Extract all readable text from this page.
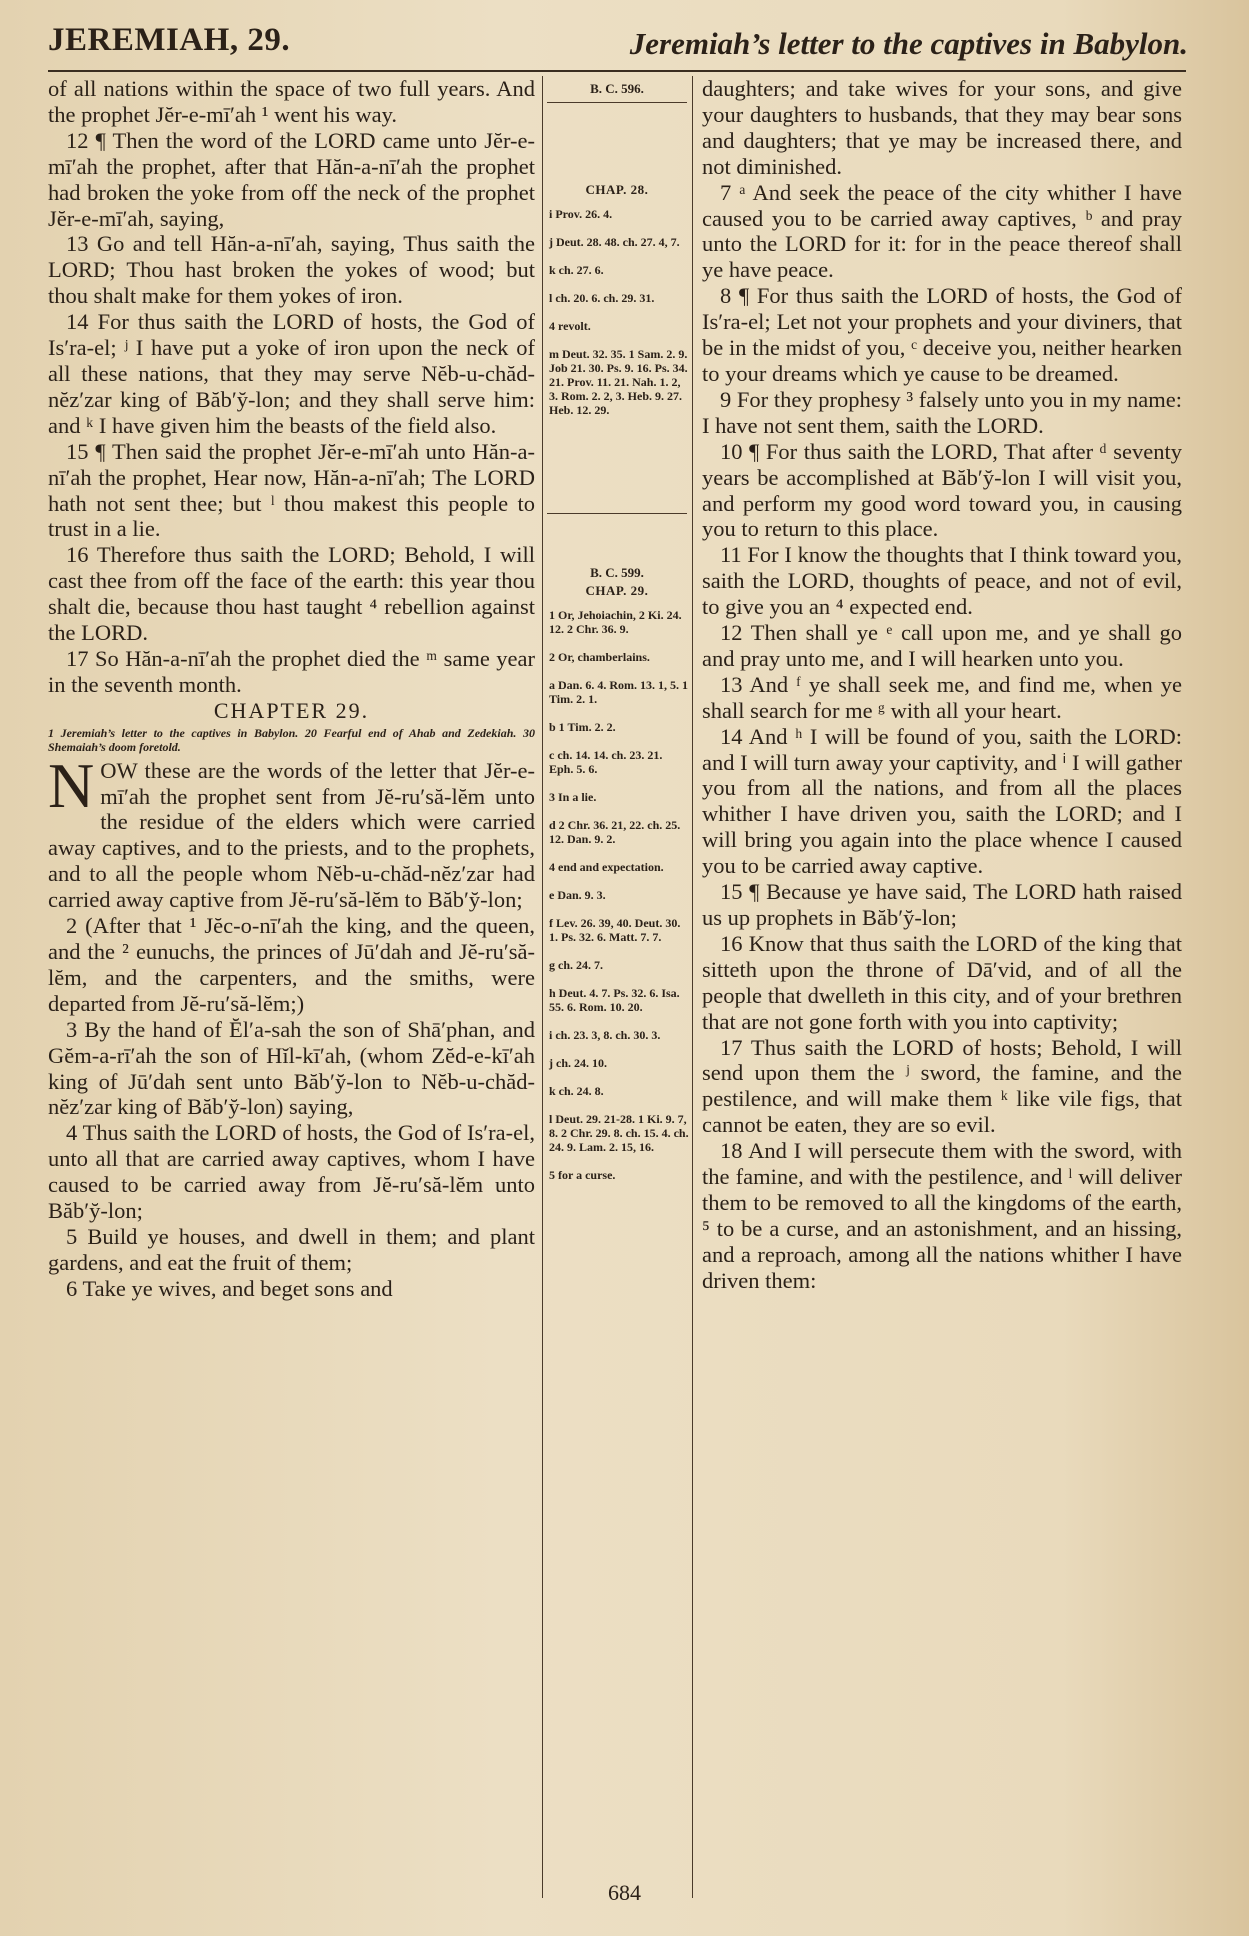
JEREMIAH, 29.	Jeremiah’s letter to the captives in Babylon.

of all nations within the space of two full years. And the prophet Jĕr-e-mī′ah ¹ went his way.

12 ¶ Then the word of the LORD came unto Jĕr-e-mī′ah the prophet, after that Hăn-a-nī′ah the prophet had broken the yoke from off the neck of the prophet Jĕr-e-mī′ah, saying,

13 Go and tell Hăn-a-nī′ah, saying, Thus saith the LORD; Thou hast broken the yokes of wood; but thou shalt make for them yokes of iron.

14 For thus saith the LORD of hosts, the God of Is′ra-el; ʲ I have put a yoke of iron upon the neck of all these nations, that they may serve Nĕb-u-chăd-nĕz′zar king of Băb′y̆-lon; and they shall serve him: and ᵏ I have given him the beasts of the field also.

15 ¶ Then said the prophet Jĕr-e-mī′ah unto Hăn-a-nī′ah the prophet, Hear now, Hăn-a-nī′ah; The LORD hath not sent thee; but ˡ thou makest this people to trust in a lie.

16 Therefore thus saith the LORD; Behold, I will cast thee from off the face of the earth: this year thou shalt die, because thou hast taught ⁴ rebellion against the LORD.

17 So Hăn-a-nī′ah the prophet died the ᵐ same year in the seventh month.

CHAPTER 29.

1 Jeremiah’s letter to the captives in Babylon. 20 Fearful end of Ahab and Zedekiah. 30 Shemaiah’s doom foretold.

NOW these are the words of the letter that Jĕr-e-mī′ah the prophet sent from Jĕ-ru′să-lĕm unto the residue of the elders which were carried away captives, and to the priests, and to the prophets, and to all the people whom Nĕb-u-chăd-nĕz′zar had carried away captive from Jĕ-ru′să-lĕm to Băb′y̆-lon;

2 (After that ¹ Jĕc-o-nī′ah the king, and the queen, and the ² eunuchs, the princes of Jū′dah and Jĕ-ru′să-lĕm, and the carpenters, and the smiths, were departed from Jĕ-ru′să-lĕm;)

3 By the hand of Ĕl′a-sah the son of Shā′phan, and Gĕm-a-rī′ah the son of Hĭl-kī′ah, (whom Zĕd-e-kī′ah king of Jū′dah sent unto Băb′y̆-lon to Nĕb-u-chăd-nĕz′zar king of Băb′y̆-lon) saying,

4 Thus saith the LORD of hosts, the God of Is′ra-el, unto all that are carried away captives, whom I have caused to be carried away from Jĕ-ru′să-lĕm unto Băb′y̆-lon;

5 Build ye houses, and dwell in them; and plant gardens, and eat the fruit of them;

6 Take ye wives, and beget sons and

B. C. 596.
CHAP. 28.
i Prov. 26. 4.
j Deut. 28. 48. ch. 27. 4, 7.
k ch. 27. 6.
l ch. 20. 6. ch. 29. 31.
4 revolt.
m Deut. 32. 35. 1 Sam. 2. 9. Job 21. 30. Ps. 9. 16. Ps. 34. 21. Prov. 11. 21. Nah. 1. 2, 3. Rom. 2. 2, 3. Heb. 9. 27. Heb. 12. 29.
B. C. 599.
CHAP. 29.
1 Or, Jehoiachin, 2 Ki. 24. 12. 2 Chr. 36. 9.
2 Or, chamberlains.
a Dan. 6. 4. Rom. 13. 1, 5. 1 Tim. 2. 1.
b 1 Tim. 2. 2.
c ch. 14. 14. ch. 23. 21. Eph. 5. 6.
3 In a lie.
d 2 Chr. 36. 21, 22. ch. 25. 12. Dan. 9. 2.
4 end and expectation.
e Dan. 9. 3.
f Lev. 26. 39, 40. Deut. 30. 1. Ps. 32. 6. Matt. 7. 7.
g ch. 24. 7.
h Deut. 4. 7. Ps. 32. 6. Isa. 55. 6. Rom. 10. 20.
i ch. 23. 3, 8. ch. 30. 3.
j ch. 24. 10.
k ch. 24. 8.
l Deut. 29. 21-28. 1 Ki. 9. 7, 8. 2 Chr. 29. 8. ch. 15. 4. ch. 24. 9. Lam. 2. 15, 16.
5 for a curse.

daughters; and take wives for your sons, and give your daughters to husbands, that they may bear sons and daughters; that ye may be increased there, and not diminished.

7 ᵃ And seek the peace of the city whither I have caused you to be carried away captives, ᵇ and pray unto the LORD for it: for in the peace thereof shall ye have peace.

8 ¶ For thus saith the LORD of hosts, the God of Is′ra-el; Let not your prophets and your diviners, that be in the midst of you, ᶜ deceive you, neither hearken to your dreams which ye cause to be dreamed.

9 For they prophesy ³ falsely unto you in my name: I have not sent them, saith the LORD.

10 ¶ For thus saith the LORD, That after ᵈ seventy years be accomplished at Băb′y̆-lon I will visit you, and perform my good word toward you, in causing you to return to this place.

11 For I know the thoughts that I think toward you, saith the LORD, thoughts of peace, and not of evil, to give you an ⁴ expected end.

12 Then shall ye ᵉ call upon me, and ye shall go and pray unto me, and I will hearken unto you.

13 And ᶠ ye shall seek me, and find me, when ye shall search for me ᵍ with all your heart.

14 And ʰ I will be found of you, saith the LORD: and I will turn away your captivity, and ⁱ I will gather you from all the nations, and from all the places whither I have driven you, saith the LORD; and I will bring you again into the place whence I caused you to be carried away captive.

15 ¶ Because ye have said, The LORD hath raised us up prophets in Băb′y̆-lon;

16 Know that thus saith the LORD of the king that sitteth upon the throne of Dā′vid, and of all the people that dwelleth in this city, and of your brethren that are not gone forth with you into captivity;

17 Thus saith the LORD of hosts; Behold, I will send upon them the ʲ sword, the famine, and the pestilence, and will make them ᵏ like vile figs, that cannot be eaten, they are so evil.

18 And I will persecute them with the sword, with the famine, and with the pestilence, and ˡ will deliver them to be removed to all the kingdoms of the earth, ⁵ to be a curse, and an astonishment, and an hissing, and a reproach, among all the nations whither I have driven them:

684
